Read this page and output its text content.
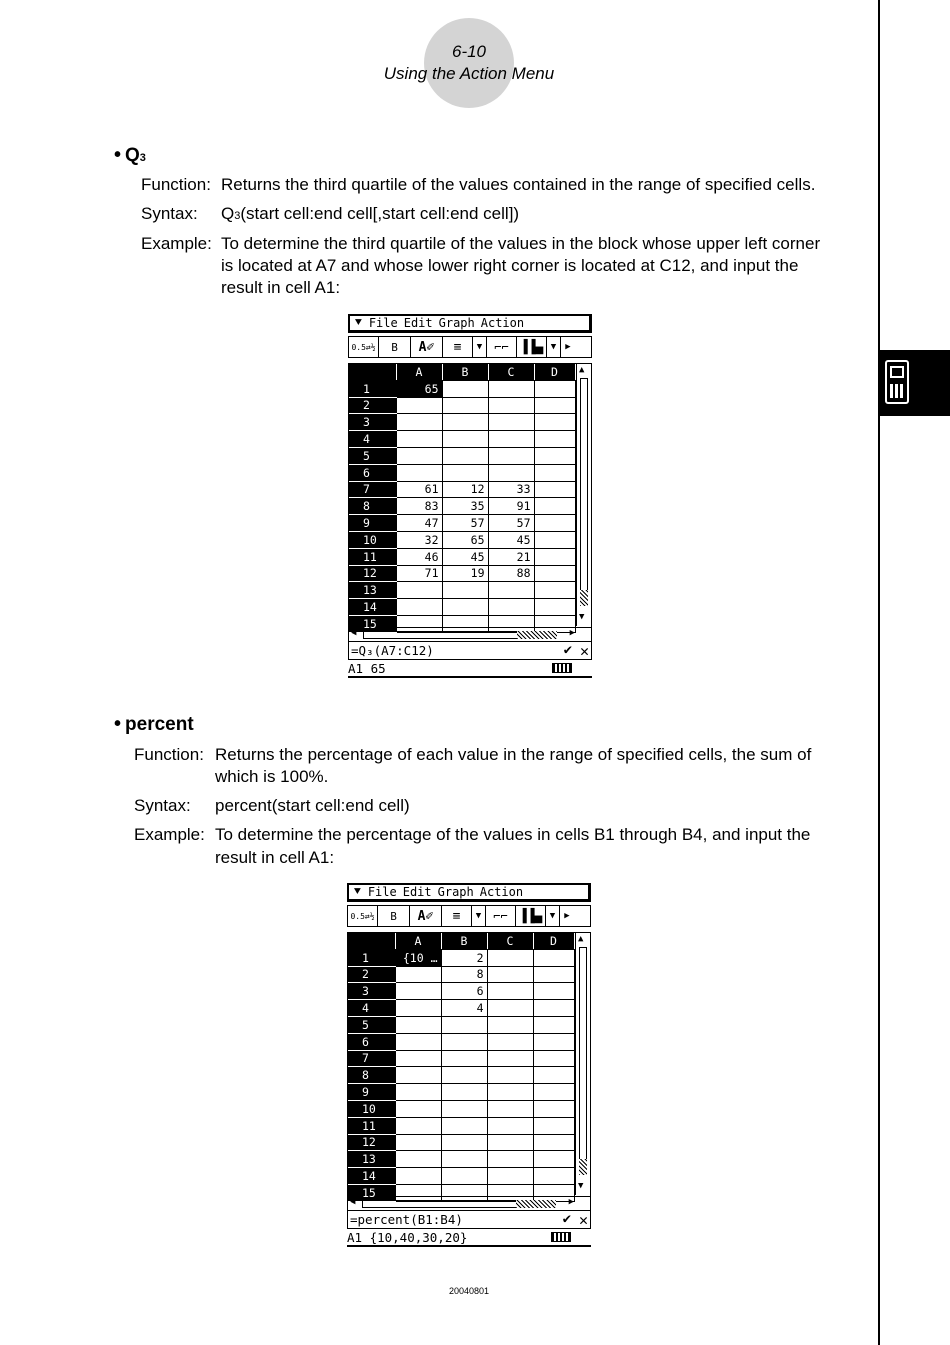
6-10
Using the Action Menu
• Q3
Function: Returns the third quartile of the values contained in the range of specified cells.
Syntax: Q3(start cell:end cell[,start cell:end cell])
Example: To determine the third quartile of the values in the block whose upper left corner
is located at A7 and whose lower right corner is located at C12, and input the
result in cell A1:
⯆ File Edit Graph Action
0.5⇄½	B	A✐	≡	▼	⌐⌐ ▐▐▄ ▼	▶
	A	B	C	D
1	65			
2				
3				
4				
5				
6				
7	61	12	33	
8	83	35	91	
9	47	57	57	
10	32	65	45	
11	46	45	21	
12	71	19	88	
13				
14				
15				
▲
▼
◀	▶
=Q₃(A7:C12)	✔ ✕
A1 65
• percent
Function: Returns the percentage of each value in the range of specified cells, the sum of
which is 100%.
Syntax: percent(start cell:end cell)
Example: To determine the percentage of the values in cells B1 through B4, and input the
result in cell A1:
⯆ File Edit Graph Action
0.5⇄½	B	A✐	≡	▼	⌐⌐ ▐▐▄ ▼	▶
	A	B	C	D
1	{10 …	2		
2		8		
3		6		
4		4		
5				
6				
7				
8				
9				
10				
11				
12				
13				
14				
15				
▲
▼
◀	▶
=percent(B1:B4)	✔ ✕
A1 {10,40,30,20}
20040801
